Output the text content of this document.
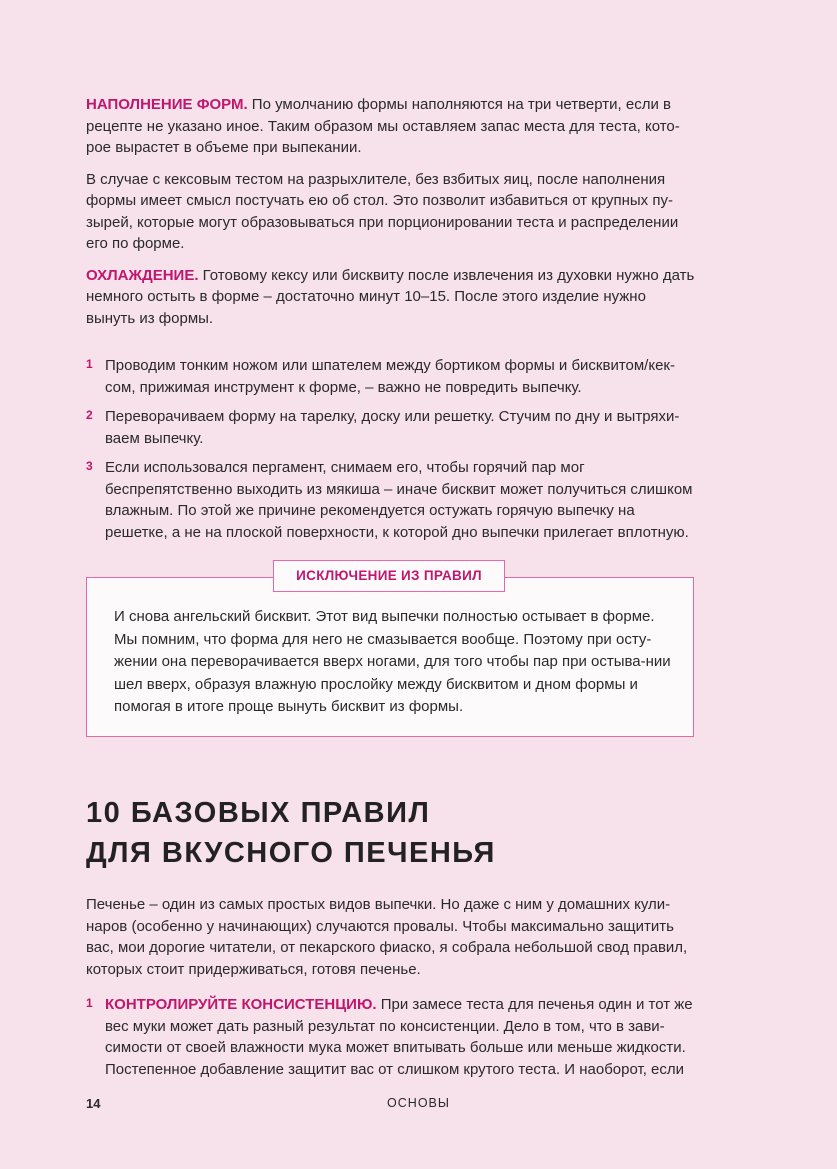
НАПОЛНЕНИЕ ФОРМ. По умолчанию формы наполняются на три четверти, если в рецепте не указано иное. Таким образом мы оставляем запас места для теста, кото-рое вырастет в объеме при выпекании.

В случае с кексовым тестом на разрыхлителе, без взбитых яиц, после наполнения формы имеет смысл постучать ею об стол. Это позволит избавиться от крупных пу-зырей, которые могут образовываться при порционировании теста и распределении его по форме.

ОХЛАЖДЕНИЕ. Готовому кексу или бисквиту после извлечения из духовки нужно дать немного остыть в форме – достаточно минут 10–15. После этого изделие нужно вынуть из формы.

1 Проводим тонким ножом или шпателем между бортиком формы и бисквитом/кек-сом, прижимая инструмент к форме, – важно не повредить выпечку.

2 Переворачиваем форму на тарелку, доску или решетку. Стучим по дну и вытряхи-ваем выпечку.

3 Если использовался пергамент, снимаем его, чтобы горячий пар мог беспрепятственно выходить из мякиша – иначе бисквит может получиться слишком влажным. По этой же причине рекомендуется остужать горячую выпечку на решетке, а не на плоской поверхности, к которой дно выпечки прилегает вплотную.

ИСКЛЮЧЕНИЕ ИЗ ПРАВИЛ

И снова ангельский бисквит. Этот вид выпечки полностью остывает в форме. Мы помним, что форма для него не смазывается вообще. Поэтому при осту-жении она переворачивается вверх ногами, для того чтобы пар при остыва-нии шел вверх, образуя влажную прослойку между бисквитом и дном формы и помогая в итоге проще вынуть бисквит из формы.

10 БАЗОВЫХ ПРАВИЛ
ДЛЯ ВКУСНОГО ПЕЧЕНЬЯ

Печенье – один из самых простых видов выпечки. Но даже с ним у домашних кули-наров (особенно у начинающих) случаются провалы. Чтобы максимально защитить вас, мои дорогие читатели, от пекарского фиаско, я собрала небольшой свод правил, которых стоит придерживаться, готовя печенье.

1 КОНТРОЛИРУЙТЕ КОНСИСТЕНЦИЮ. При замесе теста для печенья один и тот же вес муки может дать разный результат по консистенции. Дело в том, что в зави-симости от своей влажности мука может впитывать больше или меньше жидкости. Постепенное добавление защитит вас от слишком крутого теста. И наоборот, если

14	ОСНОВЫ
